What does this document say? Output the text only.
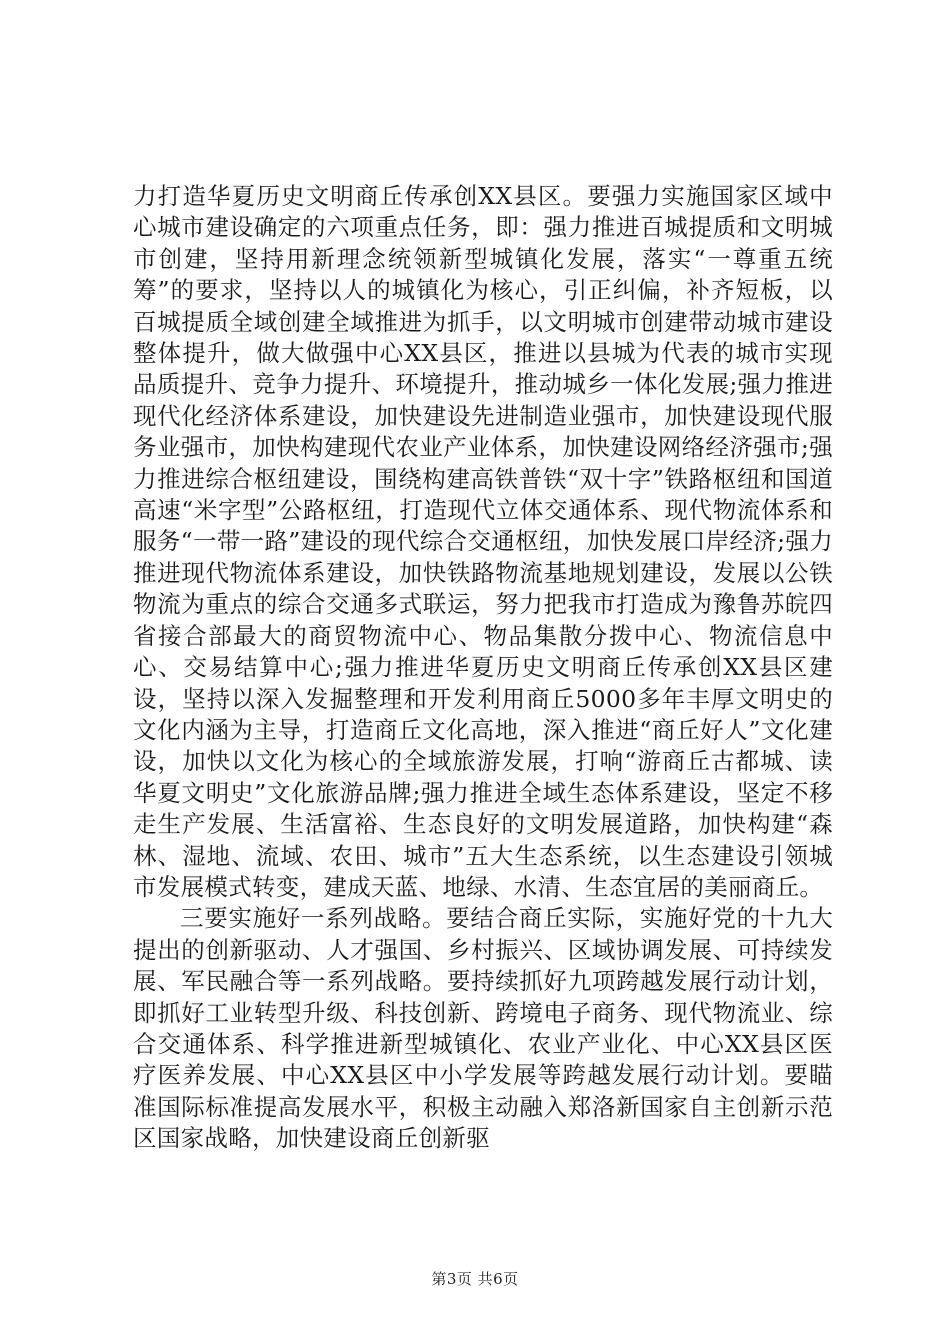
力打造华夏历史文明商丘传承创XX县区。要强力实施国家区域中心城市建设确定的六项重点任务，即：强力推进百城提质和文明城市创建，坚持用新理念统领新型城镇化发展，落实“一尊重五统筹”的要求，坚持以人的城镇化为核心，引正纠偏，补齐短板，以百城提质全域创建全域推进为抓手，以文明城市创建带动城市建设整体提升，做大做强中心XX县区，推进以县城为代表的城市实现品质提升、竞争力提升、环境提升，推动城乡一体化发展;强力推进现代化经济体系建设，加快建设先进制造业强市，加快建设现代服务业强市，加快构建现代农业产业体系，加快建设网络经济强市;强力推进综合枢纽建设，围绕构建高铁普铁“双十字”铁路枢纽和国道高速“米字型”公路枢纽，打造现代立体交通体系、现代物流体系和服务“一带一路”建设的现代综合交通枢纽，加快发展口岸经济;强力推进现代物流体系建设，加快铁路物流基地规划建设，发展以公铁物流为重点的综合交通多式联运，努力把我市打造成为豫鲁苏皖四省接合部最大的商贸物流中心、物品集散分拨中心、物流信息中心、交易结算中心;强力推进华夏历史文明商丘传承创XX县区建设，坚持以深入发掘整理和开发利用商丘5000多年丰厚文明史的文化内涵为主导，打造商丘文化高地，深入推进“商丘好人”文化建设，加快以文化为核心的全域旅游发展，打响“游商丘古都城、读华夏文明史”文化旅游品牌;强力推进全域生态体系建设，坚定不移走生产发展、生活富裕、生态良好的文明发展道路，加快构建“森林、湿地、流域、农田、城市”五大生态系统，以生态建设引领城市发展模式转变，建成天蓝、地绿、水清、生态宜居的美丽商丘。

三要实施好一系列战略。要结合商丘实际，实施好党的十九大提出的创新驱动、人才强国、乡村振兴、区域协调发展、可持续发展、军民融合等一系列战略。要持续抓好九项跨越发展行动计划，即抓好工业转型升级、科技创新、跨境电子商务、现代物流业、综合交通体系、科学推进新型城镇化、农业产业化、中心XX县区医疗医养发展、中心XX县区中小学发展等跨越发展行动计划。要瞄准国际标准提高发展水平，积极主动融入郑洛新国家自主创新示范区国家战略，加快建设商丘创新驱

第3页 共6页
